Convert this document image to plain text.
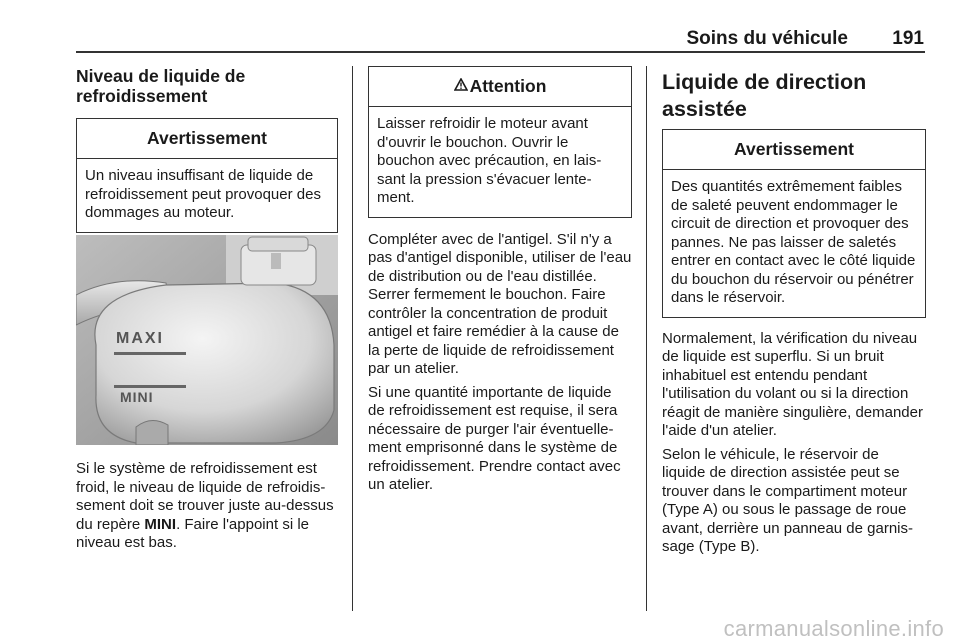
Soins du véhicule 191
Niveau de liquide de refroidissement
Avertissement
Un niveau insuffisant de liquide de refroidissement peut provoquer des dommages au moteur.
MAXI
MINI

Si le système de refroidissement est froid, le niveau de liquide de refroidissement doit se trouver juste au-dessus du repère MINI. Faire l'appoint si le niveau est bas.

Attention
Laisser refroidir le moteur avant d'ouvrir le bouchon. Ouvrir le bouchon avec précaution, en laissant la pression s'évacuer lentement.

Compléter avec de l'antigel. S'il n'y a pas d'antigel disponible, utiliser de l'eau de distribution ou de l'eau distillée. Serrer fermement le bouchon. Faire contrôler la concentration de produit antigel et faire remédier à la cause de la perte de liquide de refroidissement par un atelier.

Si une quantité importante de liquide de refroidissement est requise, il sera nécessaire de purger l'air éventuellement emprisonné dans le système de refroidissement. Prendre contact avec un atelier.

Liquide de direction assistée
Avertissement
Des quantités extrêmement faibles de saleté peuvent endommager le circuit de direction et provoquer des pannes. Ne pas laisser de saletés entrer en contact avec le côté liquide du bouchon du réservoir ou pénétrer dans le réservoir.

Normalement, la vérification du niveau de liquide est superflu. Si un bruit inhabituel est entendu pendant l'utilisation du volant ou si la direction réagit de manière singulière, demander l'aide d'un atelier.

Selon le véhicule, le réservoir de liquide de direction assistée peut se trouver dans le compartiment moteur (Type A) ou sous le passage de roue avant, derrière un panneau de garnissage (Type B).

carmanualsonline.info
